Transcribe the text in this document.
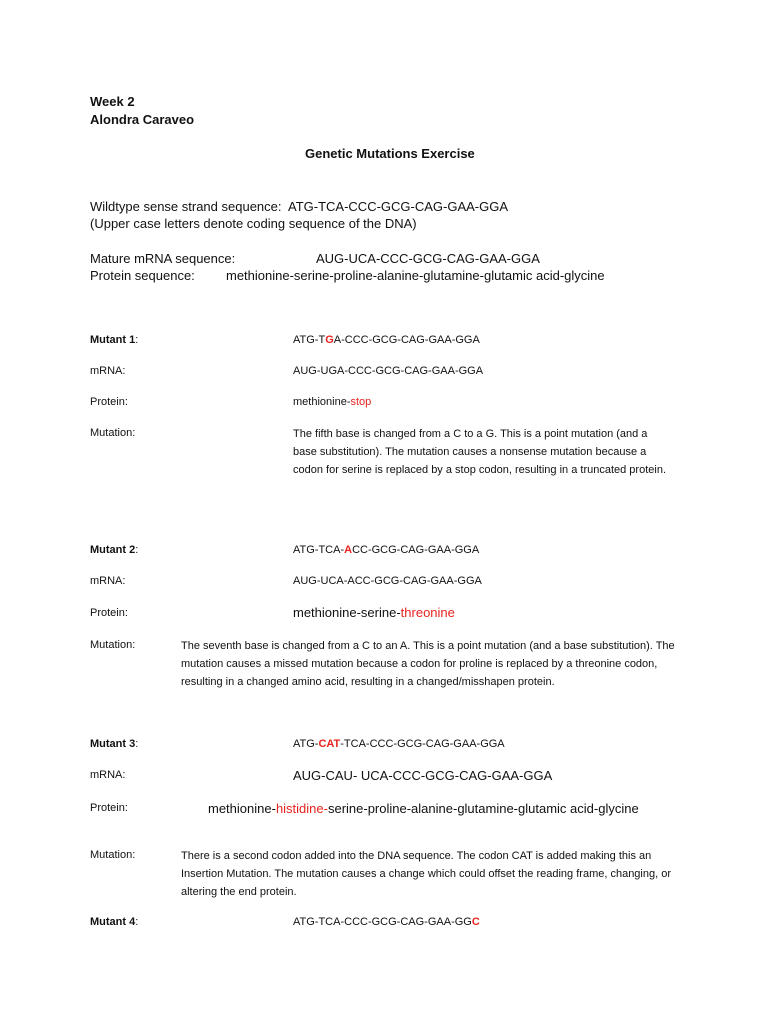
Week 2
Alondra Caraveo
Genetic Mutations Exercise
Wildtype sense strand sequence: ATG-TCA-CCC-GCG-CAG-GAA-GGA
(Upper case letters denote coding sequence of the DNA)
Mature mRNA sequence:	AUG-UCA-CCC-GCG-CAG-GAA-GGA
Protein sequence: methionine-serine-proline-alanine-glutamine-glutamic acid-glycine
Mutant 1:	ATG-TGA-CCC-GCG-CAG-GAA-GGA
mRNA:	AUG-UGA-CCC-GCG-CAG-GAA-GGA
Protein:	methionine-stop
Mutation:	The fifth base is changed from a C to a G. This is a point mutation (and a base substitution). The mutation causes a nonsense mutation because a codon for serine is replaced by a stop codon, resulting in a truncated protein.
Mutant 2:	ATG-TCA-ACC-GCG-CAG-GAA-GGA
mRNA:	AUG-UCA-ACC-GCG-CAG-GAA-GGA
Protein:	methionine-serine-threonine
Mutation:	The seventh base is changed from a C to an A. This is a point mutation (and a base substitution). The mutation causes a missed mutation because a codon for proline is replaced by a threonine codon, resulting in a changed amino acid, resulting in a changed/misshapen protein.
Mutant 3:	ATG-CAT-TCA-CCC-GCG-CAG-GAA-GGA
mRNA:	AUG-CAU- UCA-CCC-GCG-CAG-GAA-GGA
Protein:	methionine-histidine-serine-proline-alanine-glutamine-glutamic acid-glycine
Mutation:	There is a second codon added into the DNA sequence. The codon CAT is added making this an Insertion Mutation. The mutation causes a change which could offset the reading frame, changing, or altering the end protein.
Mutant 4:	ATG-TCA-CCC-GCG-CAG-GAA-GGC
